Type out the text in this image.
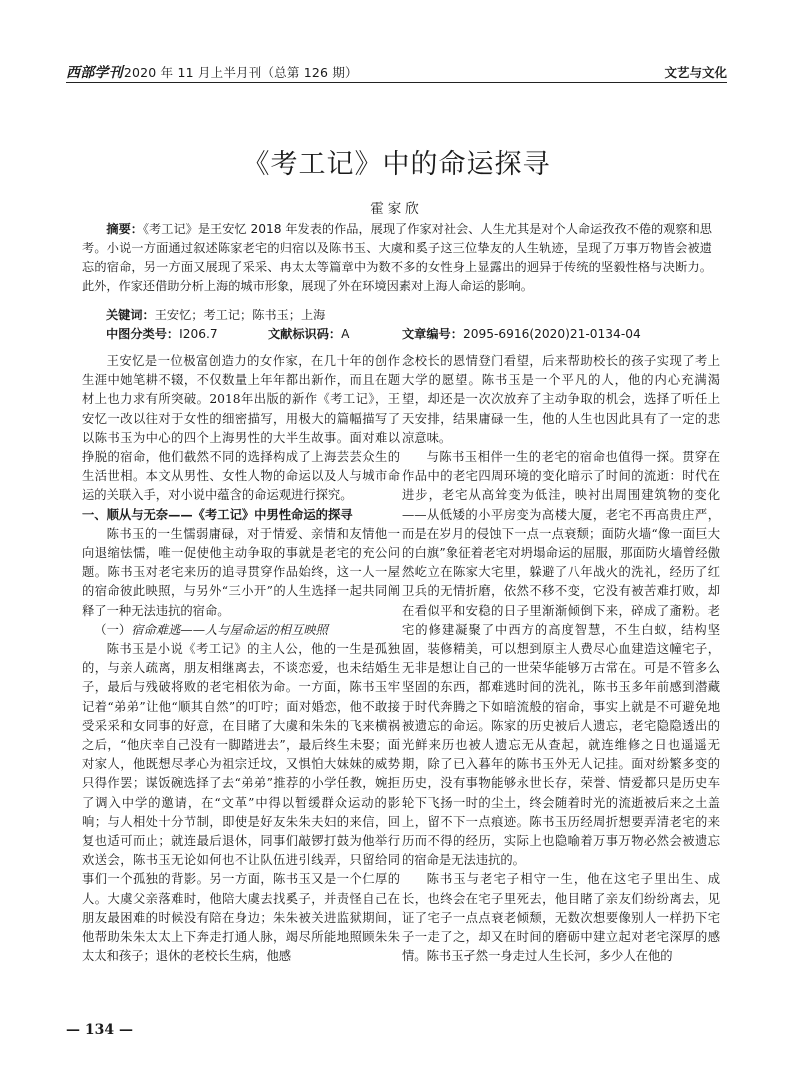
西部学刊2020 年 11 月上半月刊（总第 126 期）	文艺与文化
《考工记》中的命运探寻
霍家欣

摘要：《考工记》是王安忆 2018 年发表的作品，展现了作家对社会、人生尤其是对个人命运孜孜不倦的观察和思考。小说一方面通过叙述陈家老宅的归宿以及陈书玉、大虞和奚子这三位挚友的人生轨迹，呈现了万事万物皆会被遗忘的宿命，另一方面又展现了采采、冉太太等篇章中为数不多的女性身上显露出的迥异于传统的坚毅性格与决断力。此外，作家还借助分析上海的城市形象，展现了外在环境因素对上海人命运的影响。

关键词：王安忆；考工记；陈书玉；上海
中图分类号：I206.7	文献标识码：A	文章编号：2095-6916(2020)21-0134-04

王安忆是一位极富创造力的女作家，在几十年的创作生涯中她笔耕不辍，不仅数量上年年都出新作，而且在题材上也力求有所突破。2018年出版的新作《考工记》，王安忆一改以往对于女性的细密描写，用极大的篇幅描写了以陈书玉为中心的四个上海男性的大半生故事。面对难以挣脱的宿命，他们截然不同的选择构成了上海芸芸众生的生活世相。本文从男性、女性人物的命运以及人与城市命运的关联入手，对小说中蕴含的命运观进行探究。

一、顺从与无奈——《考工记》中男性命运的探寻

陈书玉的一生懦弱庸碌，对于情爱、亲情和友情他一向退缩怯懦，唯一促使他主动争取的事就是老宅的充公问题。陈书玉对老宅来历的追寻贯穿作品始终，这一人一屋的宿命彼此映照，与另外“三小开”的人生选择一起共同阐释了一种无法违抗的宿命。

（一）宿命难逃——人与屋命运的相互映照

陈书玉是小说《考工记》的主人公，他的一生是孤独的，与亲人疏离，朋友相继离去，不谈恋爱，也未结婚生子，最后与残破将败的老宅相依为命。一方面，陈书玉牢记着“弟弟”让他“顺其自然”的叮咛；面对婚恋，他不敢接受采采和女同事的好意，在目睹了大虞和朱朱的飞来横祸之后，“他庆幸自己没有一脚踏进去”，最后终生未娶；面对家人，他既想尽孝心为祖宗迁坟，又惧怕大妹妹的威势只得作罢；谋饭碗选择了去“弟弟”推荐的小学任教，婉拒了调入中学的邀请，在“文革”中得以暂缓群众运动的影响；与人相处十分节制，即使是好友朱朱夫妇的来信，回复也适可而止；就连最后退休，同事们敲锣打鼓为他举行欢送会，陈书玉无论如何也不让队伍进引线弄，只留给同事们一个孤独的背影。另一方面，陈书玉又是一个仁厚的人。大虞父亲落难时，他陪大虞去找奚子，并责怪自己在朋友最困难的时候没有陪在身边；朱朱被关进监狱期间，他帮助朱朱太太上下奔走打通人脉，竭尽所能地照顾朱朱太太和孩子；退休的老校长生病，他感

念校长的恩情登门看望，后来帮助校长的孩子实现了考上大学的愿望。陈书玉是一个平凡的人，他的内心充满渴望，却还是一次次放弃了主动争取的机会，选择了听任上天安排，结果庸碌一生，他的人生也因此具有了一定的悲凉意味。

与陈书玉相伴一生的老宅的宿命也值得一探。贯穿在作品中的老宅四周环境的变化暗示了时间的流逝：时代在进步，老宅从高耸变为低洼，映衬出周围建筑物的变化——从低矮的小平房变为高楼大厦，老宅不再高贵庄严，而是在岁月的侵蚀下一点一点衰颓；面防火墙“像一面巨大的白旗”象征着老宅对坍塌命运的屈服，那面防火墙曾经傲然屹立在陈家大宅里，躲避了八年战火的洗礼，经历了红卫兵的无情折磨，依然不移不变，它没有被苦难打败，却在看似平和安稳的日子里渐渐倾倒下来，碎成了齑粉。老宅的修建凝聚了中西方的高度智慧，不生白蚁，结构坚固，装修精美，可以想到原主人费尽心血建造这幢宅子，无非是想让自己的一世荣华能够万古常在。可是不管多么坚固的东西，都难逃时间的洗礼，陈书玉多年前感到潜藏于时代奔腾之下如暗流般的宿命，事实上就是不可避免地被遗忘的命运。陈家的历史被后人遗忘，老宅隐隐透出的光鲜来历也被人遗忘无从查起，就连维修之日也遥遥无期，除了已入暮年的陈书玉外无人记挂。面对纷繁多变的历史，没有事物能够永世长存，荣誉、情爱都只是历史车轮下飞扬一时的尘土，终会随着时光的流逝被后来之土盖上，留不下一点痕迹。陈书玉历经周折想要弄清老宅的来历而不得的经历，实际上也隐喻着万事万物必然会被遗忘的宿命是无法违抗的。

陈书玉与老宅子相守一生，他在这宅子里出生、成长，也终会在宅子里死去，他目睹了亲友们纷纷离去，见证了宅子一点点衰老倾颓，无数次想要像别人一样扔下宅子一走了之，却又在时间的磨砺中建立起对老宅深厚的感情。陈书玉孑然一身走过人生长河，多少人在他的

— 134 —
